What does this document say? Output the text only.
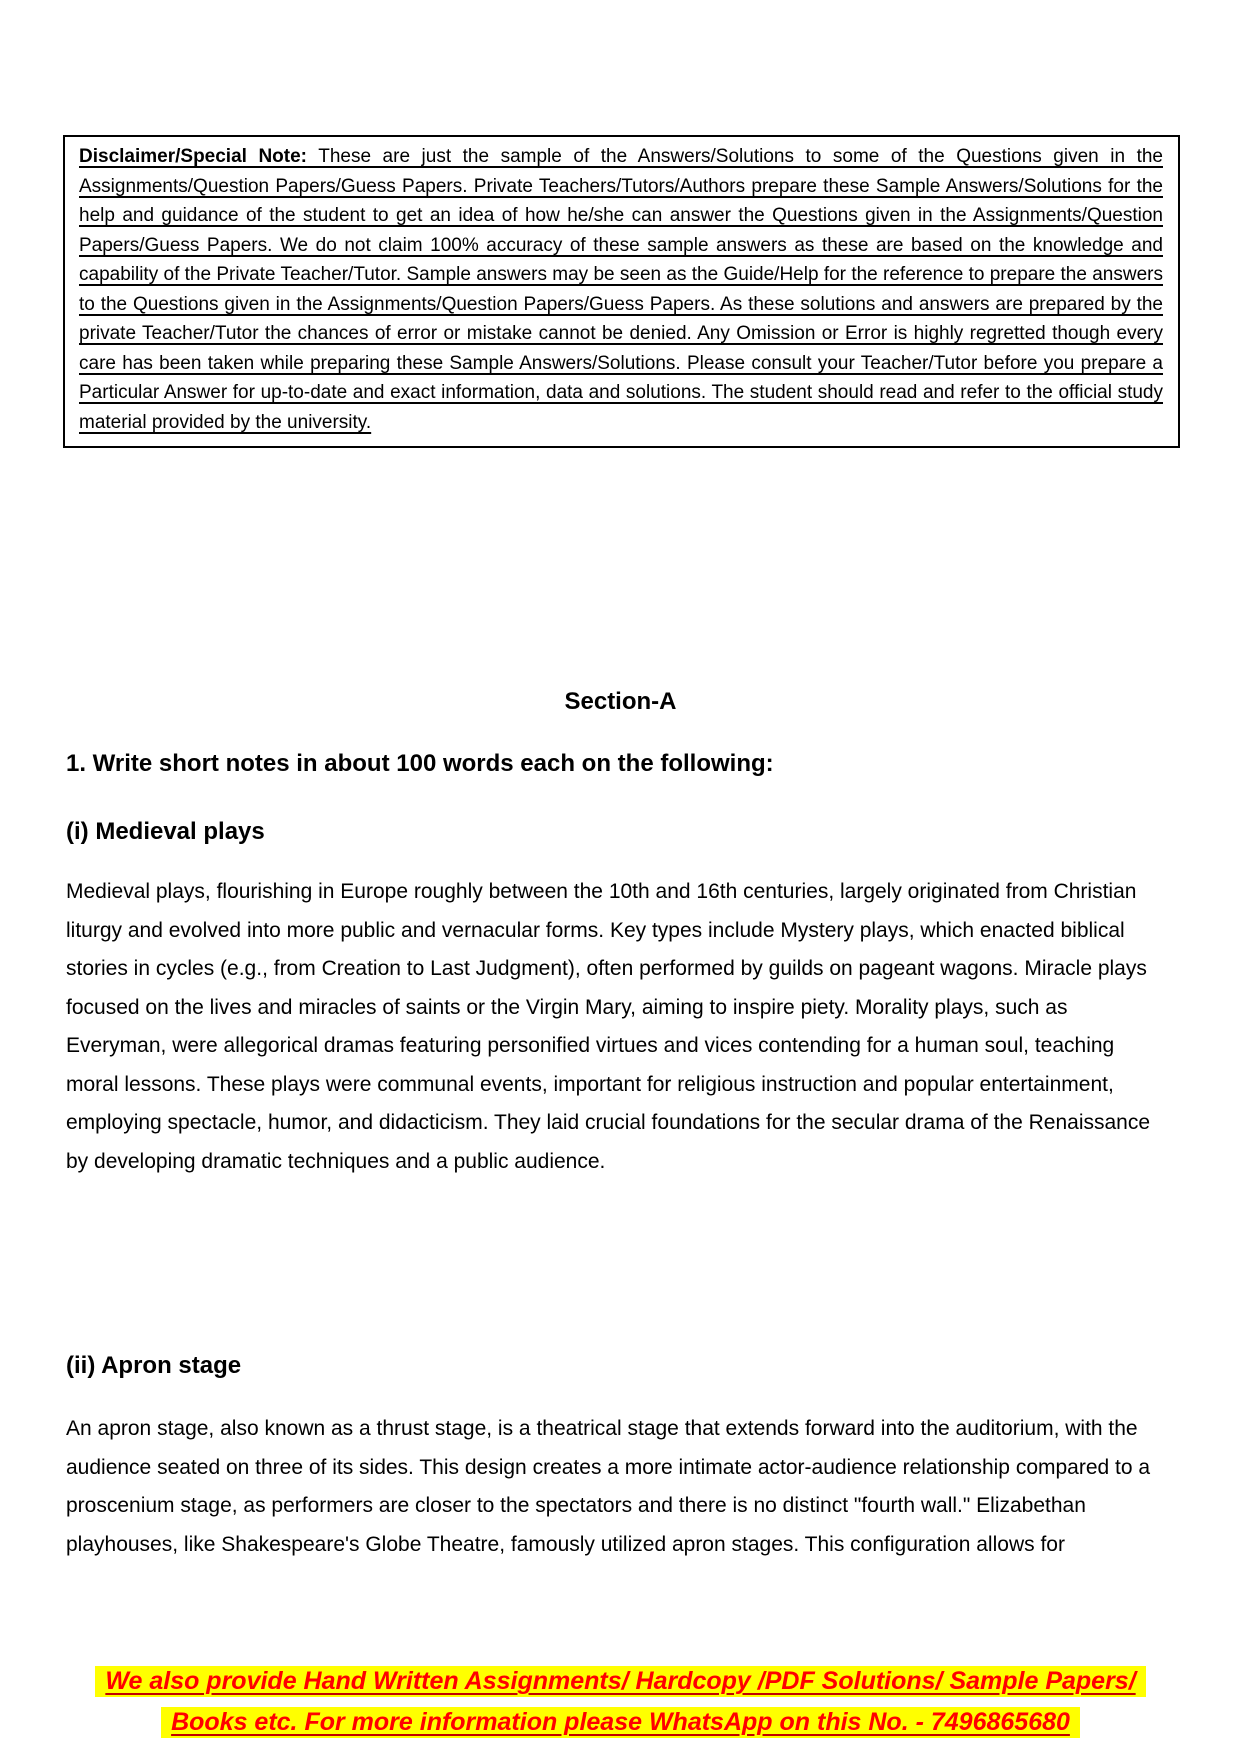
Disclaimer/Special Note: These are just the sample of the Answers/Solutions to some of the Questions given in the Assignments/Question Papers/Guess Papers. Private Teachers/Tutors/Authors prepare these Sample Answers/Solutions for the help and guidance of the student to get an idea of how he/she can answer the Questions given in the Assignments/Question Papers/Guess Papers. We do not claim 100% accuracy of these sample answers as these are based on the knowledge and capability of the Private Teacher/Tutor. Sample answers may be seen as the Guide/Help for the reference to prepare the answers to the Questions given in the Assignments/Question Papers/Guess Papers. As these solutions and answers are prepared by the private Teacher/Tutor the chances of error or mistake cannot be denied. Any Omission or Error is highly regretted though every care has been taken while preparing these Sample Answers/Solutions. Please consult your Teacher/Tutor before you prepare a Particular Answer for up-to-date and exact information, data and solutions. The student should read and refer to the official study material provided by the university.

Section-A

1. Write short notes in about 100 words each on the following:

(i) Medieval plays

Medieval plays, flourishing in Europe roughly between the 10th and 16th centuries, largely originated from Christian liturgy and evolved into more public and vernacular forms. Key types include Mystery plays, which enacted biblical stories in cycles (e.g., from Creation to Last Judgment), often performed by guilds on pageant wagons. Miracle plays focused on the lives and miracles of saints or the Virgin Mary, aiming to inspire piety. Morality plays, such as Everyman, were allegorical dramas featuring personified virtues and vices contending for a human soul, teaching moral lessons. These plays were communal events, important for religious instruction and popular entertainment, employing spectacle, humor, and didacticism. They laid crucial foundations for the secular drama of the Renaissance by developing dramatic techniques and a public audience.

(ii) Apron stage

An apron stage, also known as a thrust stage, is a theatrical stage that extends forward into the auditorium, with the audience seated on three of its sides. This design creates a more intimate actor-audience relationship compared to a proscenium stage, as performers are closer to the spectators and there is no distinct "fourth wall." Elizabethan playhouses, like Shakespeare's Globe Theatre, famously utilized apron stages. This configuration allows for

We also provide Hand Written Assignments/ Hardcopy /PDF Solutions/ Sample Papers/

Books etc. For more information please WhatsApp on this No. - 7496865680
